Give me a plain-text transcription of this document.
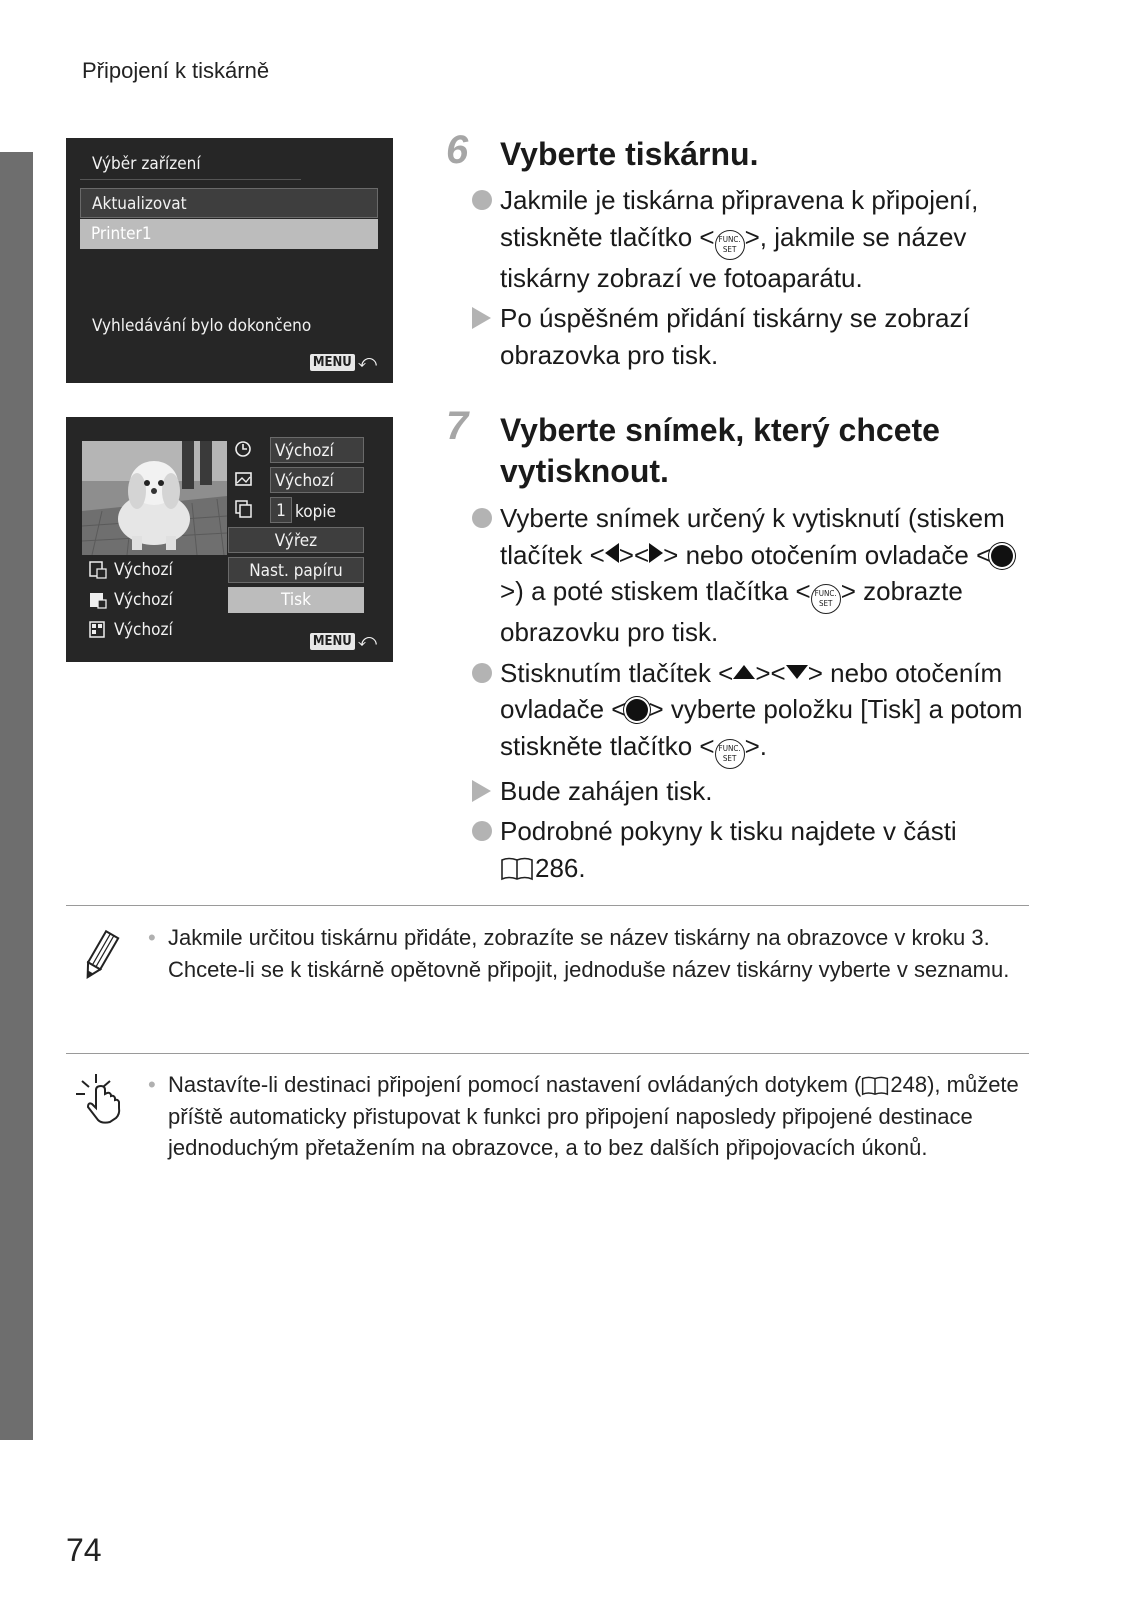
Připojení k tiskárně
Výběr zařízení
Aktualizovat
Printer1
Vyhledávání bylo dokončeno
MENU ⤺
Výchozí
Výchozí
1 kopie
Výřez
Nast. papíru
Tisk
Výchozí
Výchozí
Výchozí
MENU ⤺
6 Vyberte tiskárnu.
Jakmile je tiskárna připravena k připojení, stiskněte tlačítko < FUNC.
SET >, jakmile se název tiskárny zobrazí ve fotoaparátu.
Po úspěšném přidání tiskárny se zobrazí obrazovka pro tisk.
7 Vyberte snímek, který chcete
vytisknout.
Vyberte snímek určený k vytisknutí (stiskem tlačítek < >< > nebo otočením ovladače <>) a poté stiskem tlačítka < FUNC.
SET > zobrazte obrazovku pro tisk.
Stisknutím tlačítek < >< > nebo otočením ovladače < > vyberte položku [Tisk] a potom stiskněte tlačítko < FUNC.
SET >.
Bude zahájen tisk.
Podrobné pokyny k tisku najdete v části
286.
• Jakmile určitou tiskárnu přidáte, zobrazíte se název tiskárny na obrazovce v kroku 3. Chcete-li se k tiskárně opětovně připojit, jednoduše název tiskárny vyberte v seznamu.
• Nastavíte-li destinaci připojení pomocí nastavení ovládaných dotykem ( 248), můžete příště automaticky přistupovat k funkci pro připojení naposledy připojené destinace jednoduchým přetažením na obrazovce, a to bez dalších připojovacích úkonů.
74
